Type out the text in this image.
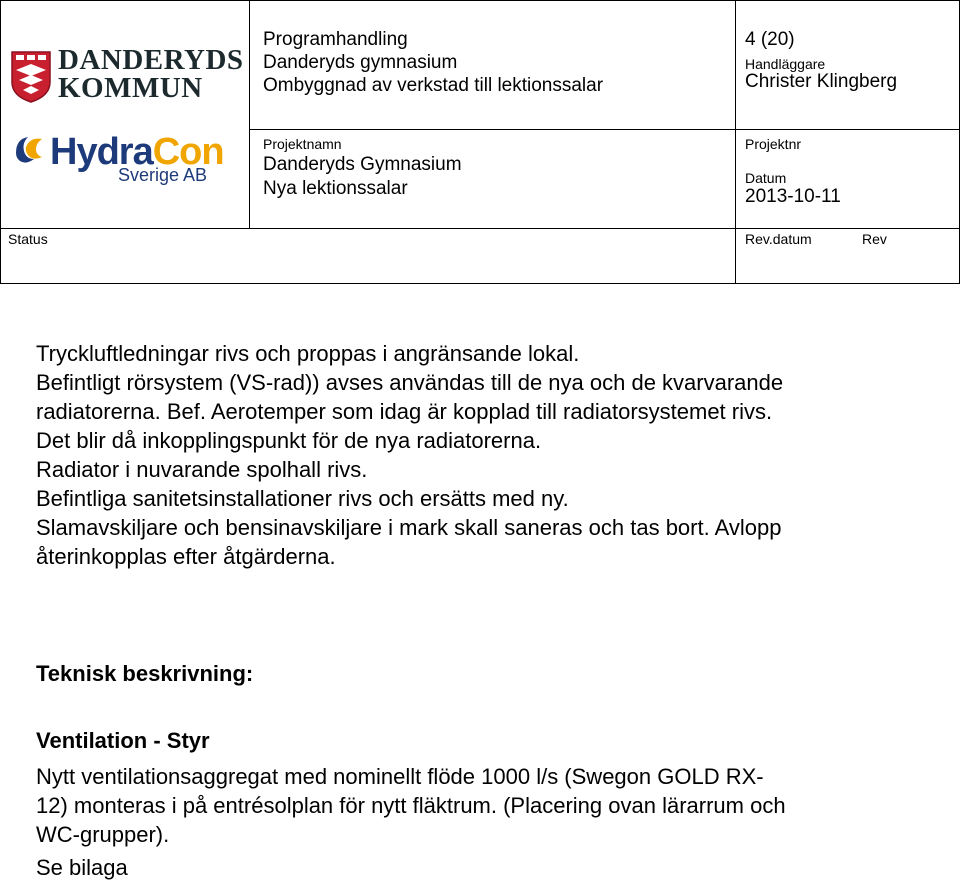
DANDERYDS
KOMMUN
HydraCon
Sverige AB
Programhandling
Danderyds gymnasium
Ombyggnad av verkstad till lektionssalar
4 (20)
Handläggare
Christer Klingberg
Projektnamn
Danderyds Gymnasium
Nya lektionssalar
Projektnr
Datum
2013-10-11
Status	Rev.datum	Rev
Tryckluftledningar rivs och proppas i angränsande lokal.
Befintligt rörsystem (VS-rad)) avses användas till de nya och de kvarvarande
radiatorerna. Bef. Aerotemper som idag är kopplad till radiatorsystemet rivs.
Det blir då inkopplingspunkt för de nya radiatorerna.
Radiator i nuvarande spolhall rivs.
Befintliga sanitetsinstallationer rivs och ersätts med ny.
Slamavskiljare och bensinavskiljare i mark skall saneras och tas bort. Avlopp
återinkopplas efter åtgärderna.
Teknisk beskrivning:
Ventilation - Styr
Nytt ventilationsaggregat med nominellt flöde 1000 l/s (Swegon GOLD RX-
12) monteras i på entrésolplan för nytt fläktrum. (Placering ovan lärarrum och
WC-grupper).
Se bilaga
